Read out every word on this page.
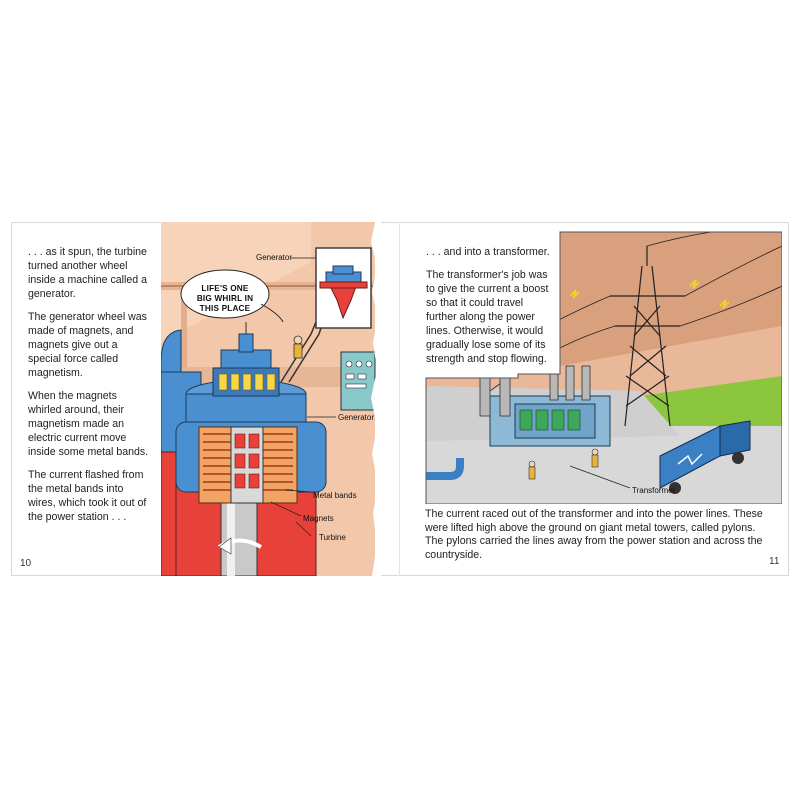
. . . as it spun, the turbine turned another wheel inside a machine called a generator.

The generator wheel was made of magnets, and magnets give out a special force called magnetism.

When the magnets whirled around, their magnetism made an electric current move inside some metal bands.

The current flashed from the metal bands into wires, which took it out of the power station . . .

10
LIFE'S ONE
BIG WHIRL IN
THIS PLACE
Generator
Generator
Metal bands
Magnets
Turbine

. . . and into a transformer.

The transformer's job was to give the current a boost so that it could travel further along the power lines. Otherwise, it would gradually lose some of its strength and stop flowing.

Transformer
The current raced out of the transformer and into the power lines. These were lifted high above the ground on giant metal towers, called pylons. The pylons carried the lines away from the power station and across the countryside.
11
